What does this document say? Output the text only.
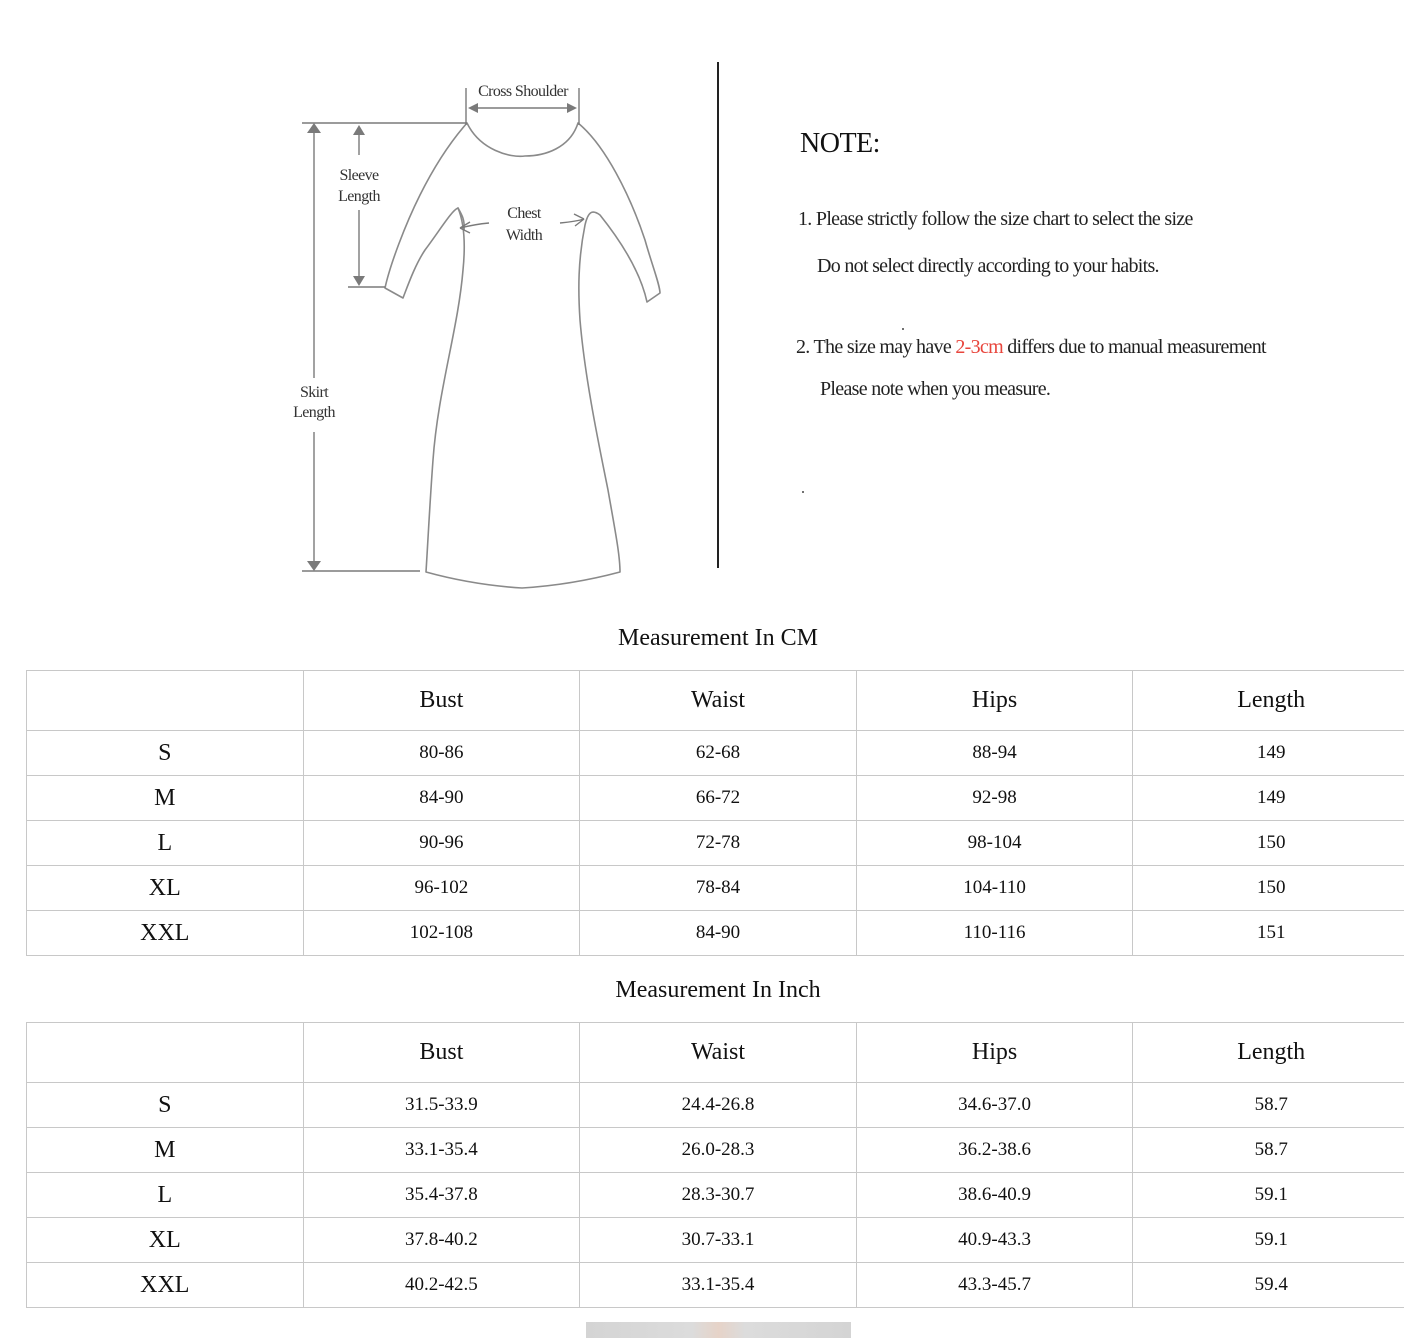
Cross Shoulder
Sleeve
Length
Chest
Width
Skirt
Length
NOTE:
1. Please strictly follow the size chart to select the size
Do not select directly according to your habits.
2. The size may have 2-3cm differs due to manual measurement
Please note when you measure.
Measurement In CM
	Bust	Waist	Hips	Length
S	80-86	62-68	88-94	149
M	84-90	66-72	92-98	149
L	90-96	72-78	98-104	150
XL	96-102	78-84	104-110	150
XXL	102-108	84-90	110-116	151
Measurement In Inch
	Bust	Waist	Hips	Length
S	31.5-33.9	24.4-26.8	34.6-37.0	58.7
M	33.1-35.4	26.0-28.3	36.2-38.6	58.7
L	35.4-37.8	28.3-30.7	38.6-40.9	59.1
XL	37.8-40.2	30.7-33.1	40.9-43.3	59.1
XXL	40.2-42.5	33.1-35.4	43.3-45.7	59.4
